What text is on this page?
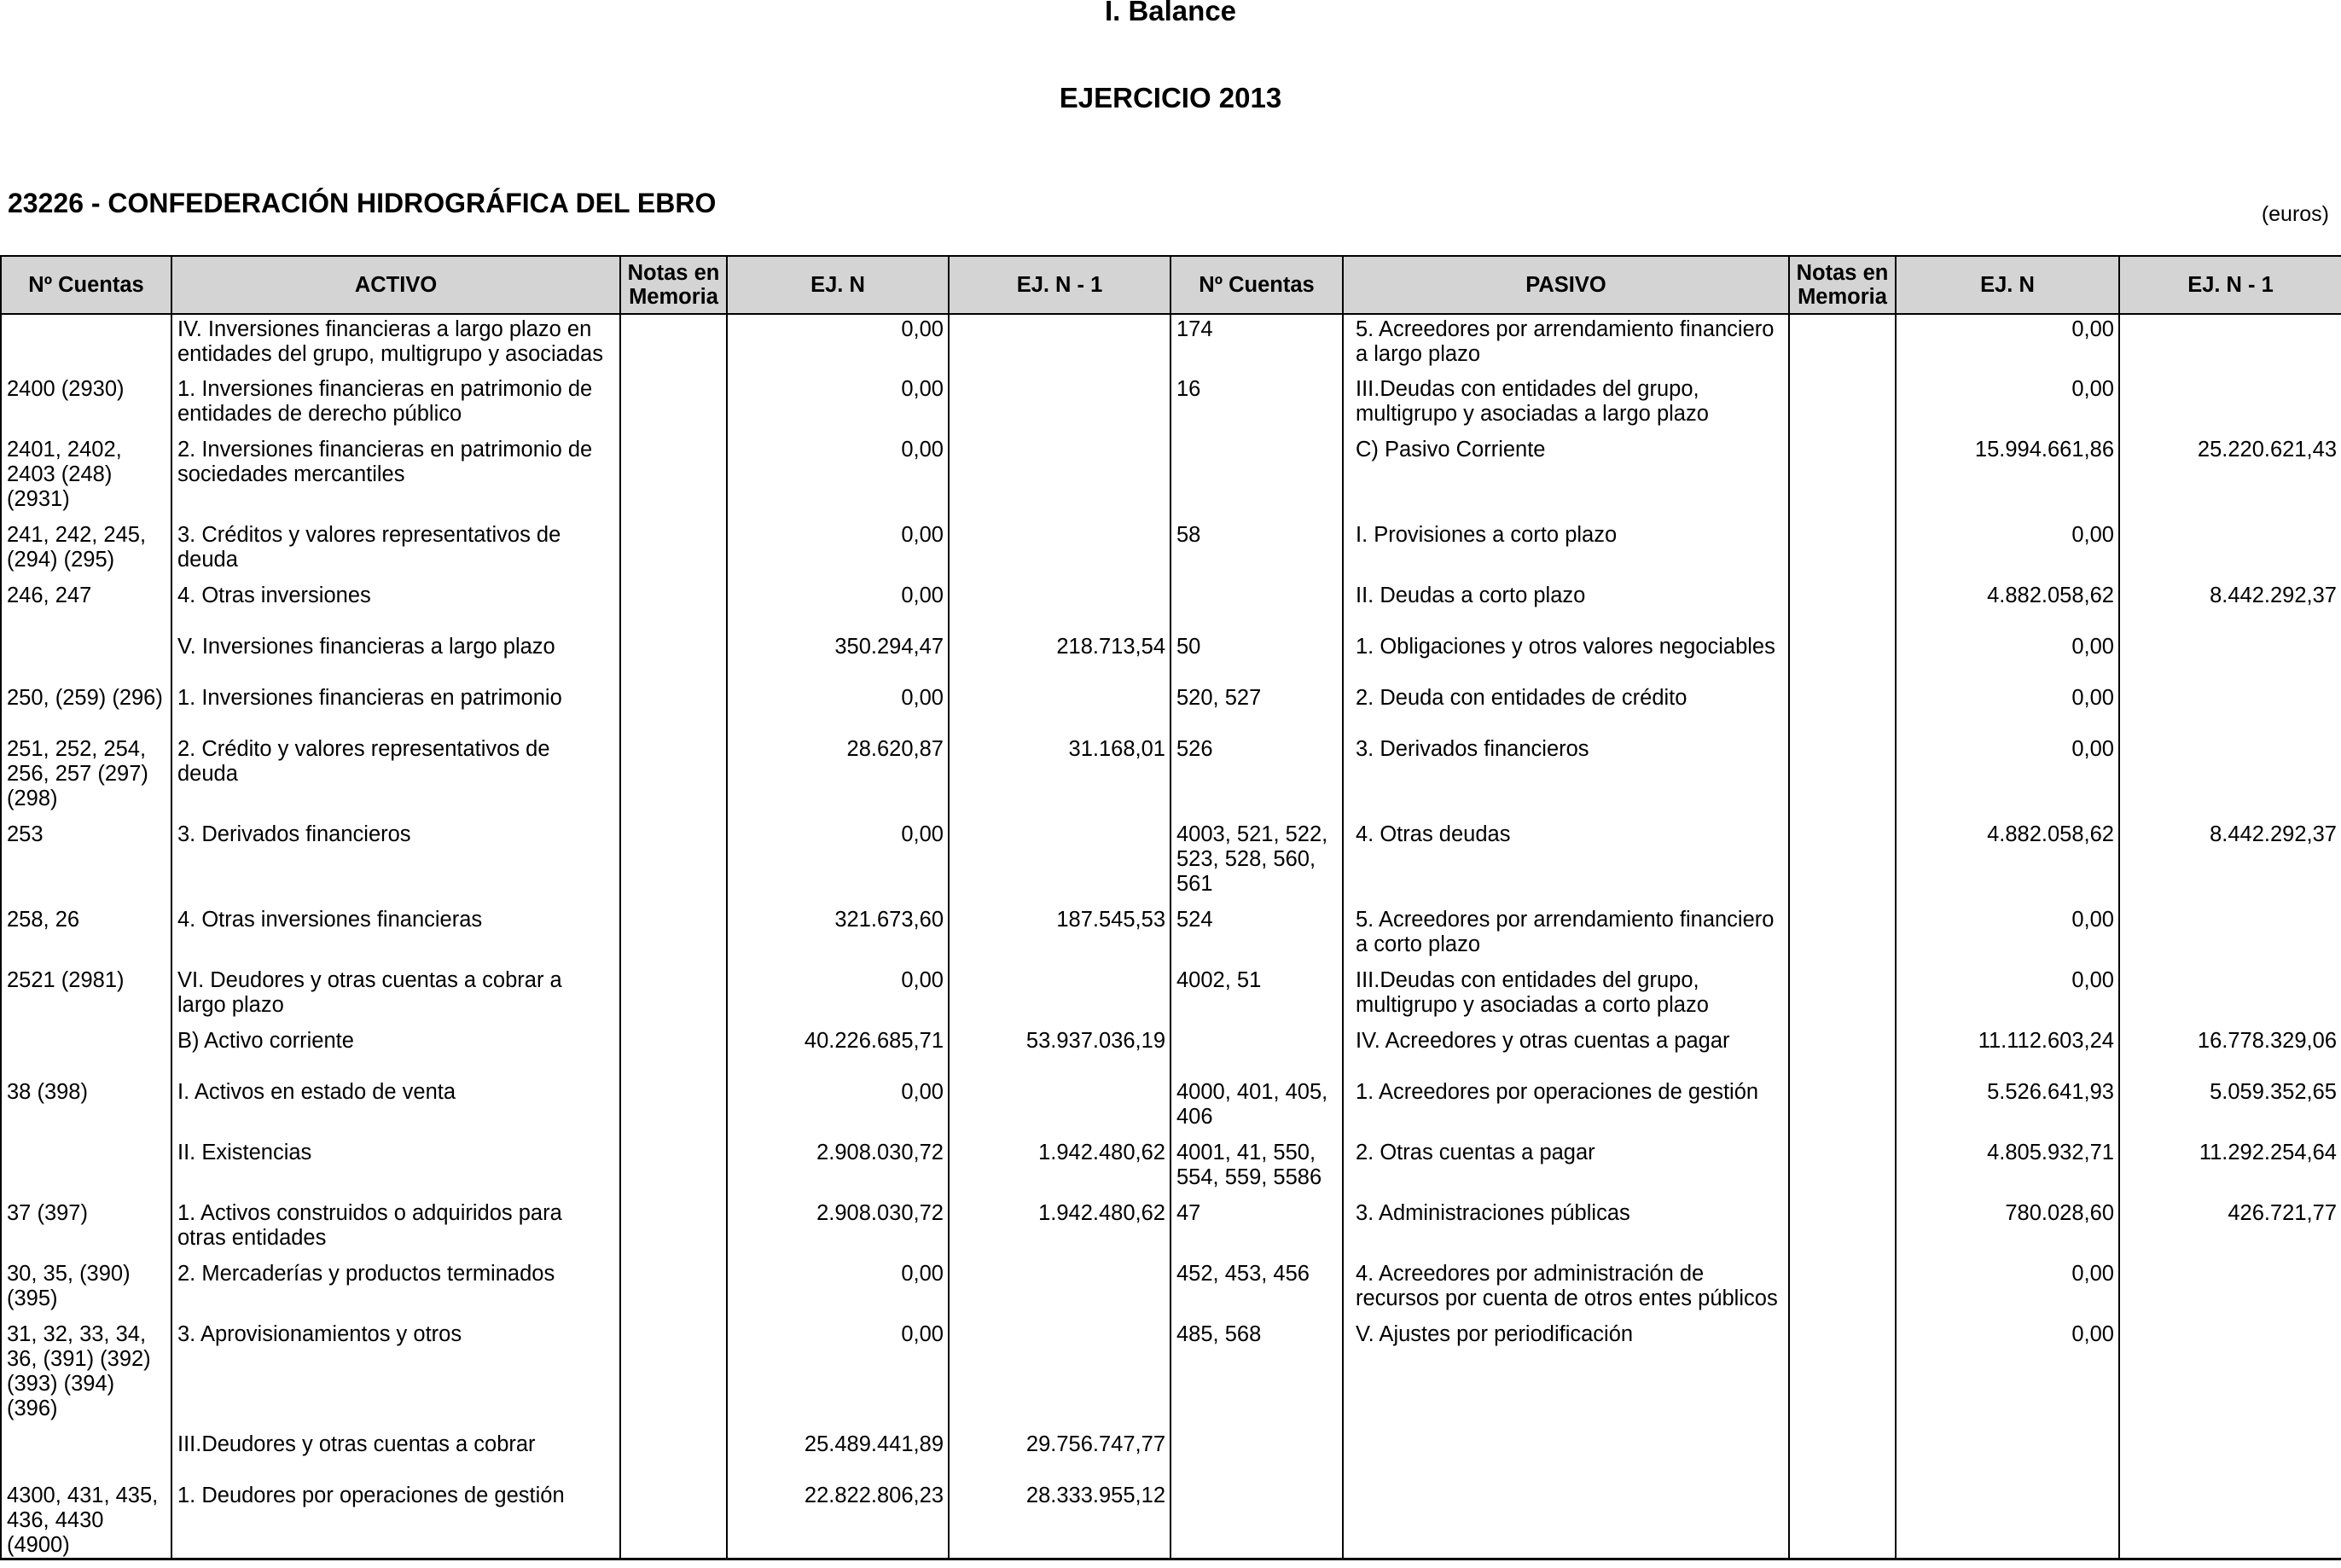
I. Balance
EJERCICIO 2013
23226 - CONFEDERACIÓN HIDROGRÁFICA DEL EBRO	(euros)
Nº Cuentas	ACTIVO	Notas en Memoria	EJ. N	EJ. N - 1	Nº Cuentas	PASIVO	Notas en Memoria	EJ. N	EJ. N - 1
	IV. Inversiones financieras a largo plazo en entidades del grupo, multigrupo y asociadas		0,00		174	5. Acreedores por arrendamiento financiero a largo plazo		0,00	
2400 (2930)	1. Inversiones financieras en patrimonio de entidades de derecho público		0,00		16	III.Deudas con entidades del grupo, multigrupo y asociadas a largo plazo		0,00	
2401, 2402, 2403 (248) (2931)	2. Inversiones financieras en patrimonio de sociedades mercantiles		0,00			C) Pasivo Corriente		15.994.661,86	25.220.621,43
241, 242, 245, (294) (295)	3. Créditos y valores representativos de deuda		0,00		58	I. Provisiones a corto plazo		0,00	
246, 247	4. Otras inversiones		0,00			II. Deudas a corto plazo		4.882.058,62	8.442.292,37
	V. Inversiones financieras a largo plazo		350.294,47	218.713,54	50	1. Obligaciones y otros valores negociables		0,00	
250, (259) (296)	1. Inversiones financieras en patrimonio		0,00		520, 527	2. Deuda con entidades de crédito		0,00	
251, 252, 254, 256, 257 (297) (298)	2. Crédito y valores representativos de deuda		28.620,87	31.168,01	526	3. Derivados financieros		0,00	
253	3. Derivados financieros		0,00		4003, 521, 522, 523, 528, 560, 561	4. Otras deudas		4.882.058,62	8.442.292,37
258, 26	4. Otras inversiones financieras		321.673,60	187.545,53	524	5. Acreedores por arrendamiento financiero a corto plazo		0,00	
2521 (2981)	VI. Deudores y otras cuentas a cobrar a largo plazo		0,00		4002, 51	III.Deudas con entidades del grupo, multigrupo y asociadas a corto plazo		0,00	
	B) Activo corriente		40.226.685,71	53.937.036,19		IV. Acreedores y otras cuentas a pagar		11.112.603,24	16.778.329,06
38 (398)	I. Activos en estado de venta		0,00		4000, 401, 405, 406	1. Acreedores por operaciones de gestión		5.526.641,93	5.059.352,65
	II. Existencias		2.908.030,72	1.942.480,62	4001, 41, 550, 554, 559, 5586	2. Otras cuentas a pagar		4.805.932,71	11.292.254,64
37 (397)	1. Activos construidos o adquiridos para otras entidades		2.908.030,72	1.942.480,62	47	3. Administraciones públicas		780.028,60	426.721,77
30, 35, (390) (395)	2. Mercaderías y productos terminados		0,00		452, 453, 456	4. Acreedores por administración de recursos por cuenta de otros entes públicos		0,00	
31, 32, 33, 34, 36, (391) (392) (393) (394) (396)	3. Aprovisionamientos y otros		0,00		485, 568	V. Ajustes por periodificación		0,00	
	III.Deudores y otras cuentas a cobrar		25.489.441,89	29.756.747,77					
4300, 431, 435, 436, 4430 (4900)	1. Deudores por operaciones de gestión		22.822.806,23	28.333.955,12					
